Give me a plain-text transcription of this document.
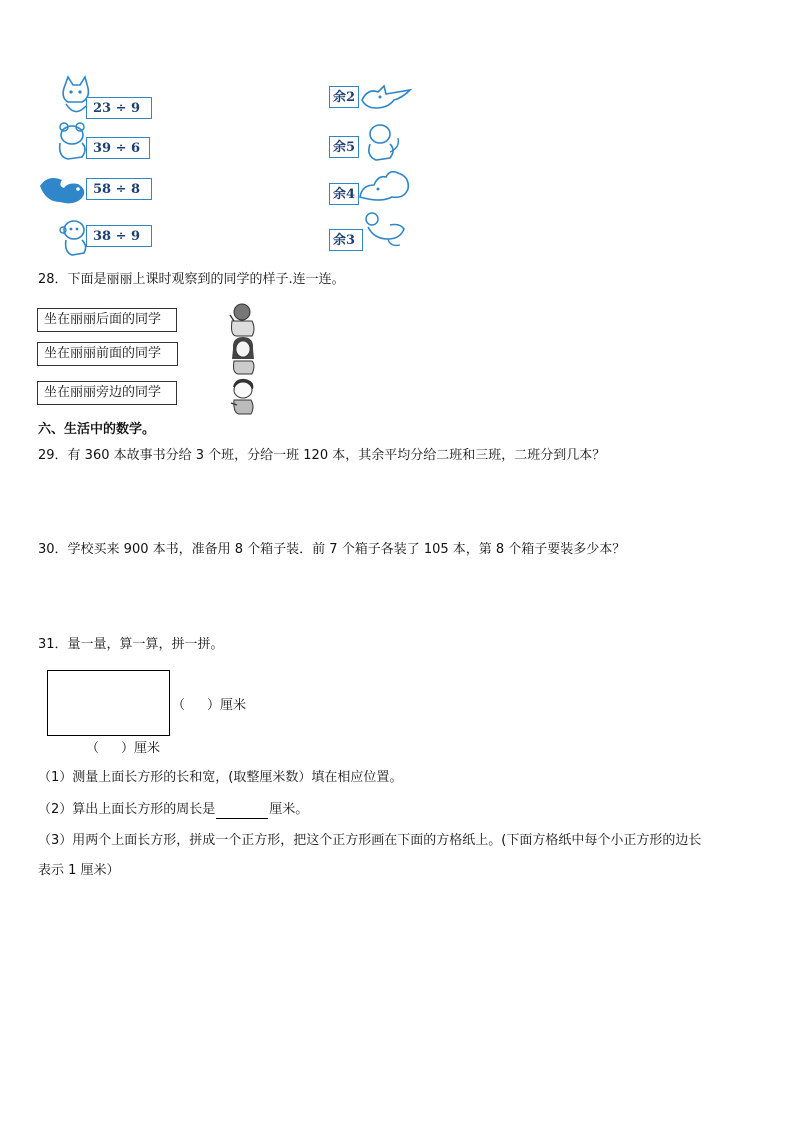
23 ÷ 9
39 ÷ 6
58 ÷ 8
38 ÷ 9
余2
余5
余4
余3
28．下面是丽丽上课时观察到的同学的样子.连一连。
坐在丽丽后面的同学
坐在丽丽前面的同学
坐在丽丽旁边的同学
六、生活中的数学。
29．有 360 本故事书分给 3 个班，分给一班 120 本，其余平均分给二班和三班，二班分到几本？
30．学校买来 900 本书，准备用 8 个箱子装．前 7 个箱子各装了 105 本，第 8 个箱子要装多少本？
31．量一量，算一算，拼一拼。
（ ）厘米
（ ）厘米
（1）测量上面长方形的长和宽，(取整厘米数）填在相应位置。
（2）算出上面长方形的周长是	厘米。
（3）用两个上面长方形，拼成一个正方形，把这个正方形画在下面的方格纸上。(下面方格纸中每个小正方形的边长
表示 1 厘米）
